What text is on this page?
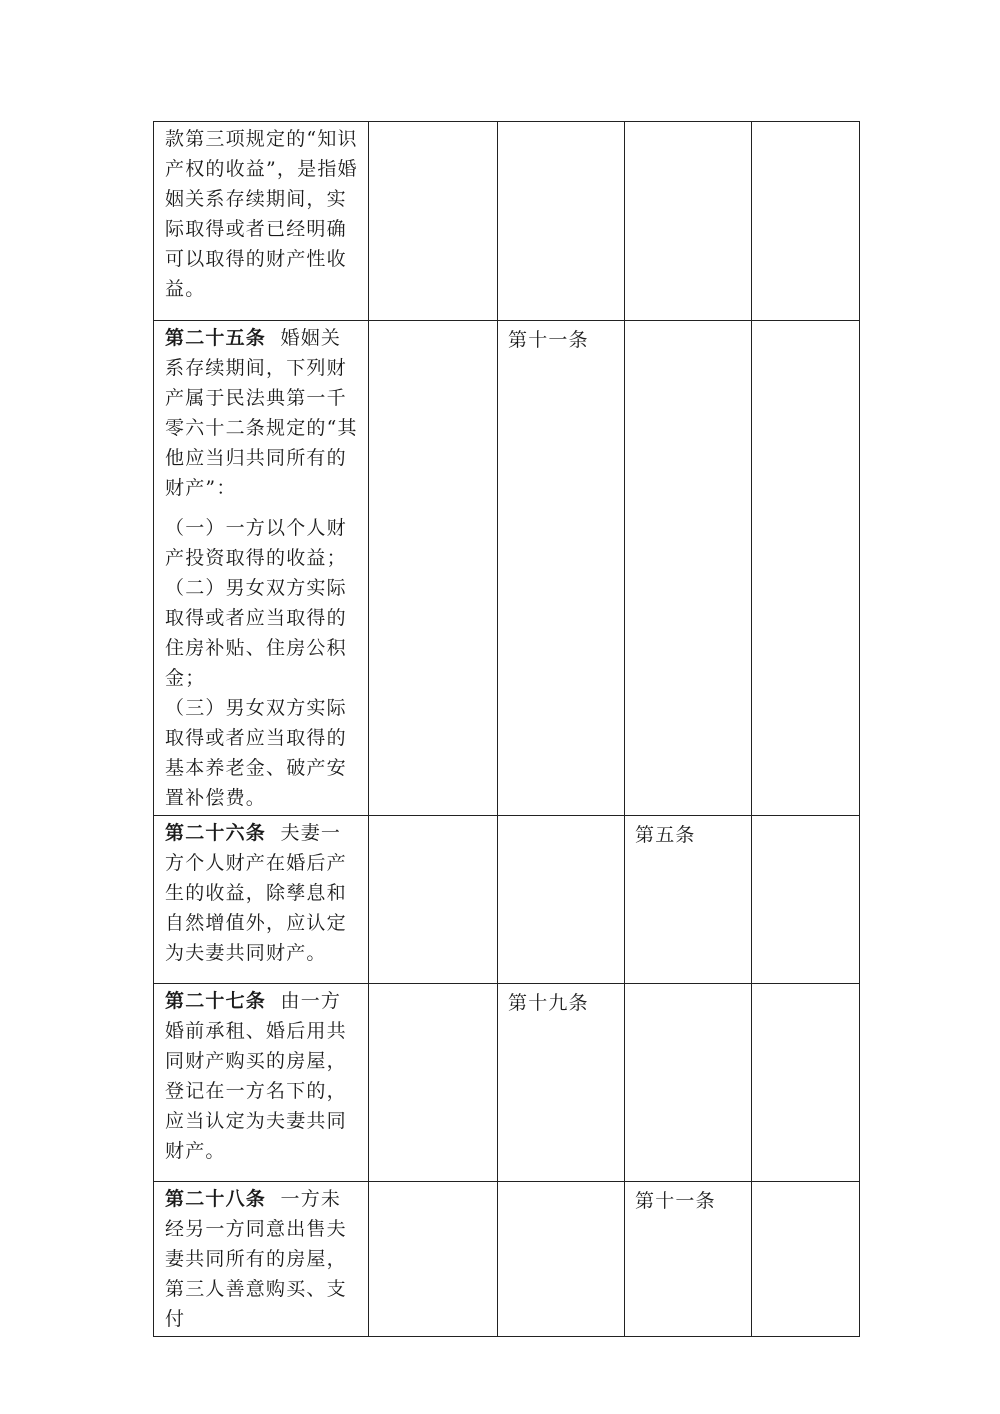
款第三项规定的“知识产权的收益”，是指婚姻关系存续期间，实际取得或者已经明确可以取得的财产性收益。				

第二十五条 婚姻关系存续期间，下列财产属于民法典第一千零六十二条规定的“其他应当归共同所有的财产”：
（一）一方以个人财产投资取得的收益；
（二）男女双方实际取得或者应当取得的住房补贴、住房公积金；
（三）男女双方实际取得或者应当取得的基本养老金、破产安置补偿费。		第十一条		

第二十六条 夫妻一方个人财产在婚后产生的收益，除孳息和自然增值外，应认定为夫妻共同财产。			第五条	

第二十七条 由一方婚前承租、婚后用共同财产购买的房屋，登记在一方名下的，应当认定为夫妻共同财产。		第十九条		

第二十八条 一方未经另一方同意出售夫妻共同所有的房屋，第三人善意购买、支付			第十一条	
